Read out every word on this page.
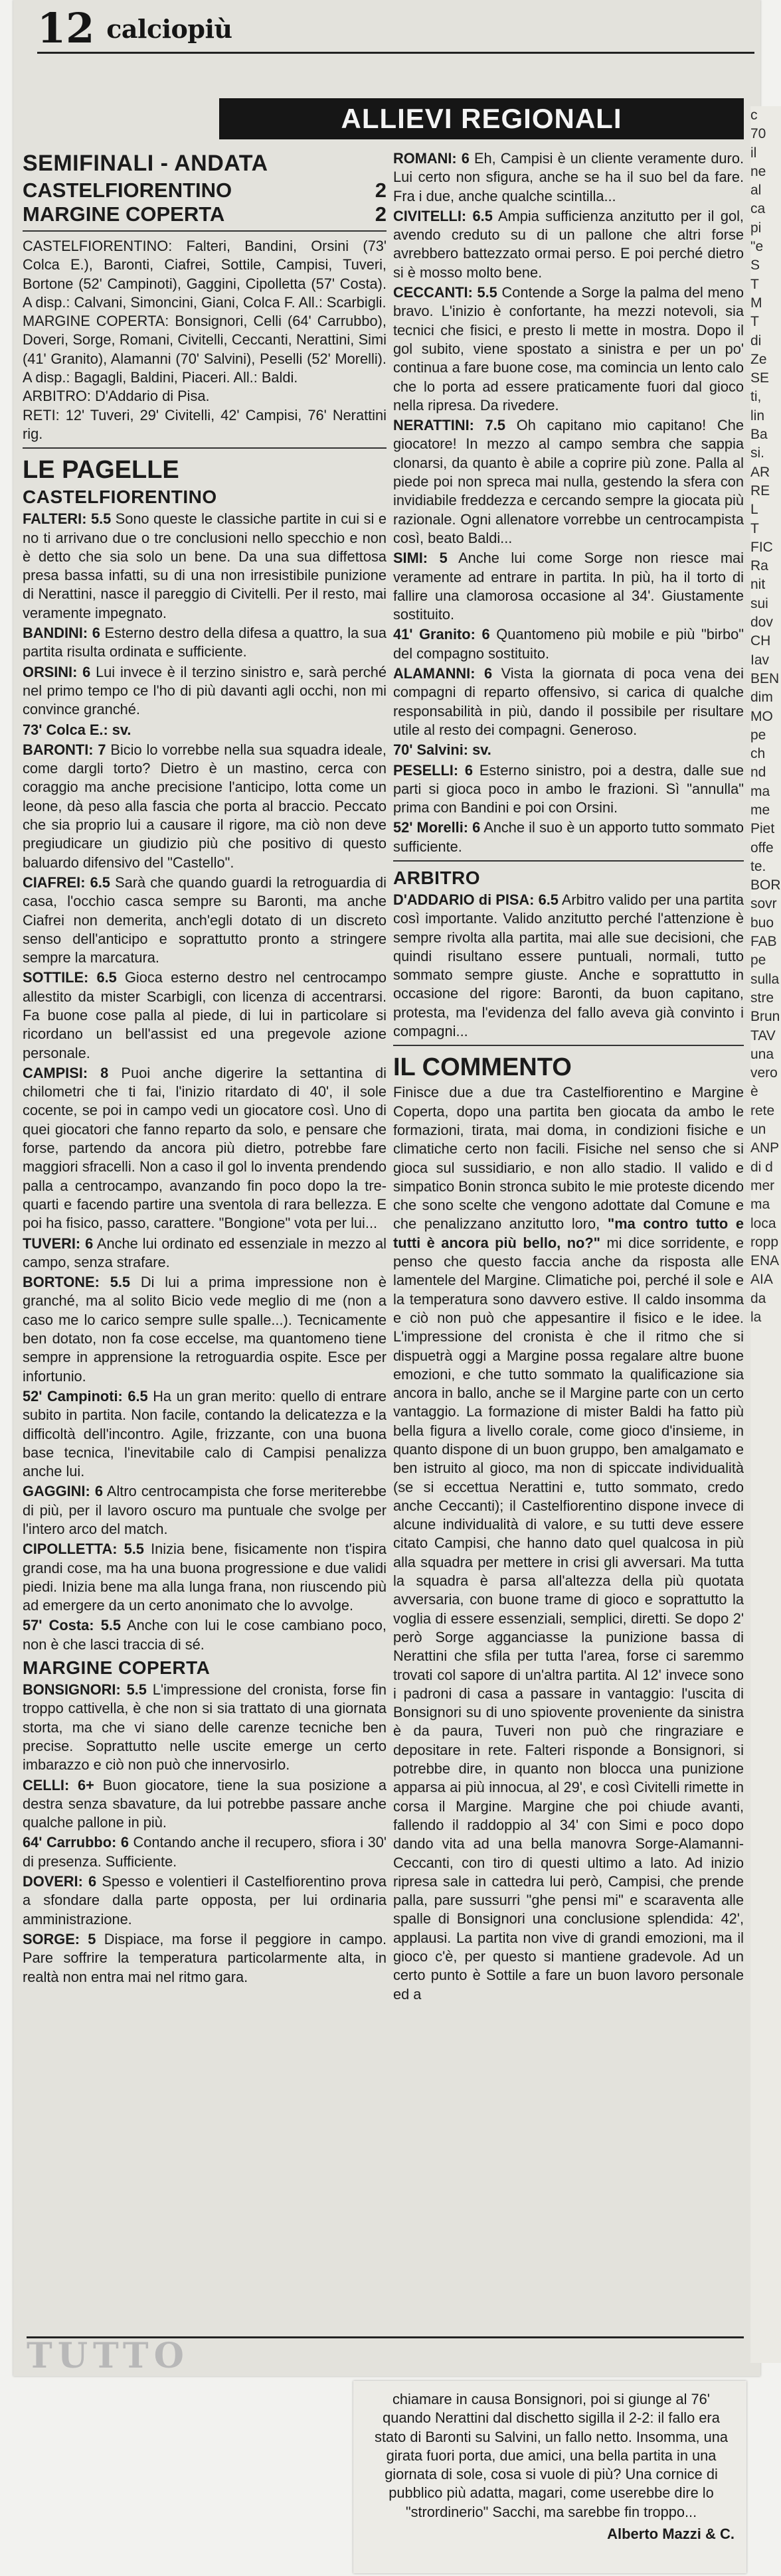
12 calciopiù
ALLIEVI REGIONALI

SEMIFINALI - ANDATA

CASTELFIORENTINO	2
MARGINE COPERTA	2

CASTELFIORENTINO: Falteri, Bandini, Orsini (73' Colca E.), Baronti, Ciafrei, Sottile, Campisi, Tuveri, Bortone (52' Campinoti), Gaggini, Cipolletta (57' Costa). A disp.: Calvani, Simoncini, Giani, Colca F. All.: Scarbigli.

MARGINE COPERTA: Bonsignori, Celli (64' Carrubbo), Doveri, Sorge, Romani, Civitelli, Ceccanti, Nerattini, Simi (41' Granito), Alamanni (70' Salvini), Peselli (52' Morelli). A disp.: Bagagli, Baldini, Piaceri. All.: Baldi.

ARBITRO: D'Addario di Pisa.

RETI: 12' Tuveri, 29' Civitelli, 42' Campisi, 76' Nerattini rig.

LE PAGELLE

CASTELFIORENTINO

FALTERI: 5.5 Sono queste le classiche partite in cui si e no ti arrivano due o tre conclusioni nello specchio e non è detto che sia solo un bene. Da una sua diffettosa presa bassa infatti, su di una non irresistibile punizione di Nerattini, nasce il pareggio di Civitelli. Per il resto, mai veramente impegnato.

BANDINI: 6 Esterno destro della difesa a quattro, la sua partita risulta ordinata e sufficiente.

ORSINI: 6 Lui invece è il terzino sinistro e, sarà perché nel primo tempo ce l'ho di più davanti agli occhi, non mi convince granché.

73' Colca E.: sv.

BARONTI: 7 Bicio lo vorrebbe nella sua squadra ideale, come dargli torto? Dietro è un mastino, cerca con coraggio ma anche precisione l'anticipo, lotta come un leone, dà peso alla fascia che porta al braccio. Peccato che sia proprio lui a causare il rigore, ma ciò non deve pregiudicare un giudizio più che positivo di questo baluardo difensivo del "Castello".

CIAFREI: 6.5 Sarà che quando guardi la retroguardia di casa, l'occhio casca sempre su Baronti, ma anche Ciafrei non demerita, anch'egli dotato di un discreto senso dell'anticipo e soprattutto pronto a stringere sempre la marcatura.

SOTTILE: 6.5 Gioca esterno destro nel centrocampo allestito da mister Scarbigli, con licenza di accentrarsi. Fa buone cose palla al piede, di lui in particolare si ricordano un bell'assist ed una pregevole azione personale.

CAMPISI: 8 Puoi anche digerire la settantina di chilometri che ti fai, l'inizio ritardato di 40', il sole cocente, se poi in campo vedi un giocatore così. Uno di quei giocatori che fanno reparto da solo, e pensare che forse, partendo da ancora più dietro, potrebbe fare maggiori sfracelli. Non a caso il gol lo inventa prendendo palla a centrocampo, avanzando fin poco dopo la tre-quarti e facendo partire una sventola di rara bellezza. E poi ha fisico, passo, carattere. "Bongione" vota per lui...

TUVERI: 6 Anche lui ordinato ed essenziale in mezzo al campo, senza strafare.

BORTONE: 5.5 Di lui a prima impressione non è granché, ma al solito Bicio vede meglio di me (non a caso me lo carico sempre sulle spalle...). Tecnicamente ben dotato, non fa cose eccelse, ma quantomeno tiene sempre in apprensione la retroguardia ospite. Esce per infortunio.

52' Campinoti: 6.5 Ha un gran merito: quello di entrare subito in partita. Non facile, contando la delicatezza e la difficoltà dell'incontro. Agile, frizzante, con una buona base tecnica, l'inevitabile calo di Campisi penalizza anche lui.

GAGGINI: 6 Altro centrocampista che forse meriterebbe di più, per il lavoro oscuro ma puntuale che svolge per l'intero arco del match.

CIPOLLETTA: 5.5 Inizia bene, fisicamente non t'ispira grandi cose, ma ha una buona progressione e due validi piedi. Inizia bene ma alla lunga frana, non riuscendo più ad emergere da un certo anonimato che lo avvolge.

57' Costa: 5.5 Anche con lui le cose cambiano poco, non è che lasci traccia di sé.

MARGINE COPERTA

BONSIGNORI: 5.5 L'impressione del cronista, forse fin troppo cattivella, è che non si sia trattato di una giornata storta, ma che vi siano delle carenze tecniche ben precise. Soprattutto nelle uscite emerge un certo imbarazzo e ciò non può che innervosirlo.

CELLI: 6+ Buon giocatore, tiene la sua posizione a destra senza sbavature, da lui potrebbe passare anche qualche pallone in più.

64' Carrubbo: 6 Contando anche il recupero, sfiora i 30' di presenza. Sufficiente.

DOVERI: 6 Spesso e volentieri il Castelfiorentino prova a sfondare dalla parte opposta, per lui ordinaria amministrazione.

SORGE: 5 Dispiace, ma forse il peggiore in campo. Pare soffrire la temperatura particolarmente alta, in realtà non entra mai nel ritmo gara.

ROMANI: 6 Eh, Campisi è un cliente veramente duro. Lui certo non sfigura, anche se ha il suo bel da fare. Fra i due, anche qualche scintilla...

CIVITELLI: 6.5 Ampia sufficienza anzitutto per il gol, avendo creduto su di un pallone che altri forse avrebbero battezzato ormai perso. E poi perché dietro si è mosso molto bene.

CECCANTI: 5.5 Contende a Sorge la palma del meno bravo. L'inizio è confortante, ha mezzi notevoli, sia tecnici che fisici, e presto li mette in mostra. Dopo il gol subito, viene spostato a sinistra e per un po' continua a fare buone cose, ma comincia un lento calo che lo porta ad essere praticamente fuori dal gioco nella ripresa. Da rivedere.

NERATTINI: 7.5 Oh capitano mio capitano! Che giocatore! In mezzo al campo sembra che sappia clonarsi, da quanto è abile a coprire più zone. Palla al piede poi non spreca mai nulla, gestendo la sfera con invidiabile freddezza e cercando sempre la giocata più razionale. Ogni allenatore vorrebbe un centrocampista così, beato Baldi...

SIMI: 5 Anche lui come Sorge non riesce mai veramente ad entrare in partita. In più, ha il torto di fallire una clamorosa occasione al 34'. Giustamente sostituito.

41' Granito: 6 Quantomeno più mobile e più "birbo" del compagno sostituito.

ALAMANNI: 6 Vista la giornata di poca vena dei compagni di reparto offensivo, si carica di qualche responsabilità in più, dando il possibile per risultare utile al resto dei compagni. Generoso.

70' Salvini: sv.

PESELLI: 6 Esterno sinistro, poi a destra, dalle sue parti si gioca poco in ambo le frazioni. Sì "annulla" prima con Bandini e poi con Orsini.

52' Morelli: 6 Anche il suo è un apporto tutto sommato sufficiente.

ARBITRO

D'ADDARIO di PISA: 6.5 Arbitro valido per una partita così importante. Valido anzitutto perché l'attenzione è sempre rivolta alla partita, mai alle sue decisioni, che quindi risultano essere puntuali, normali, tutto sommato sempre giuste. Anche e soprattutto in occasione del rigore: Baronti, da buon capitano, protesta, ma l'evidenza del fallo aveva già convinto i compagni...

IL COMMENTO

Finisce due a due tra Castelfiorentino e Margine Coperta, dopo una partita ben giocata da ambo le formazioni, tirata, mai doma, in condizioni fisiche e climatiche certo non facili. Fisiche nel senso che si gioca sul sussidiario, e non allo stadio. Il valido e simpatico Bonin stronca subito le mie proteste dicendo che sono scelte che vengono adottate dal Comune e che penalizzano anzitutto loro, "ma contro tutto e tutti è ancora più bello, no?" mi dice sorridente, e penso che questo faccia anche da risposta alle lamentele del Margine. Climatiche poi, perché il sole e la temperatura sono davvero estive. Il caldo insomma e ciò non può che appesantire il fisico e le idee. L'impressione del cronista è che il ritmo che si dispuetrà oggi a Margine possa regalare altre buone emozioni, e che tutto sommato la qualificazione sia ancora in ballo, anche se il Margine parte con un certo vantaggio. La formazione di mister Baldi ha fatto più bella figura a livello corale, come gioco d'insieme, in quanto dispone di un buon gruppo, ben amalgamato e ben istruito al gioco, ma non di spiccate individualità (se si eccettua Nerattini e, tutto sommato, credo anche Ceccanti); il Castelfiorentino dispone invece di alcune individualità di valore, e su tutti deve essere citato Campisi, che hanno dato quel qualcosa in più alla squadra per mettere in crisi gli avversari. Ma tutta la squadra è parsa all'altezza della più quotata avversaria, con buone trame di gioco e soprattutto la voglia di essere essenziali, semplici, diretti. Se dopo 2' però Sorge agganciasse la punizione bassa di Nerattini che sfila per tutta l'area, forse ci saremmo trovati col sapore di un'altra partita. Al 12' invece sono i padroni di casa a passare in vantaggio: l'uscita di Bonsignori su di uno spiovente proveniente da sinistra è da paura, Tuveri non può che ringraziare e depositare in rete. Falteri risponde a Bonsignori, si potrebbe dire, in quanto non blocca una punizione apparsa ai più innocua, al 29', e così Civitelli rimette in corsa il Margine. Margine che poi chiude avanti, fallendo il raddoppio al 34' con Simi e poco dopo dando vita ad una bella manovra Sorge-Alamanni-Ceccanti, con tiro di questi ultimo a lato. Ad inizio ripresa sale in cattedra lui però, Campisi, che prende palla, pare sussurri "ghe pensi mi" e scaraventa alle spalle di Bonsignori una conclusione splendida: 42', applausi. La partita non vive di grandi emozioni, ma il gioco c'è, per questo si mantiene gradevole. Ad un certo punto è Sottile a fare un buon lavoro personale ed a

c
70
il
ne
al
ca
pi
"e
S
T
M
T
di
Ze
SE
ti,
lin
Ba
si.
AR
RE
L
T
FIC
Ra
nit
sui
dov
CH
Iav
BEN
dim
MO
pe
ch
nd
ma
me
Piet
offe
te.
BOR
sovr
buo
FAB
pe
sulla
stre
Brun
TAV
una
vero
è
rete
un
ANP
di d
mer
ma
loca
ropp
ENA
AIA
da
la
TUTTO

chiamare in causa Bonsignori, poi si giunge al 76' quando Nerattini dal dischetto sigilla il 2-2: il fallo era stato di Baronti su Salvini, un fallo netto. Insomma, una girata fuori porta, due amici, una bella partita in una giornata di sole, cosa si vuole di più? Una cornice di pubblico più adatta, magari, come userebbe dire lo "strordinerio" Sacchi, ma sarebbe fin troppo...

Alberto Mazzi & C.
